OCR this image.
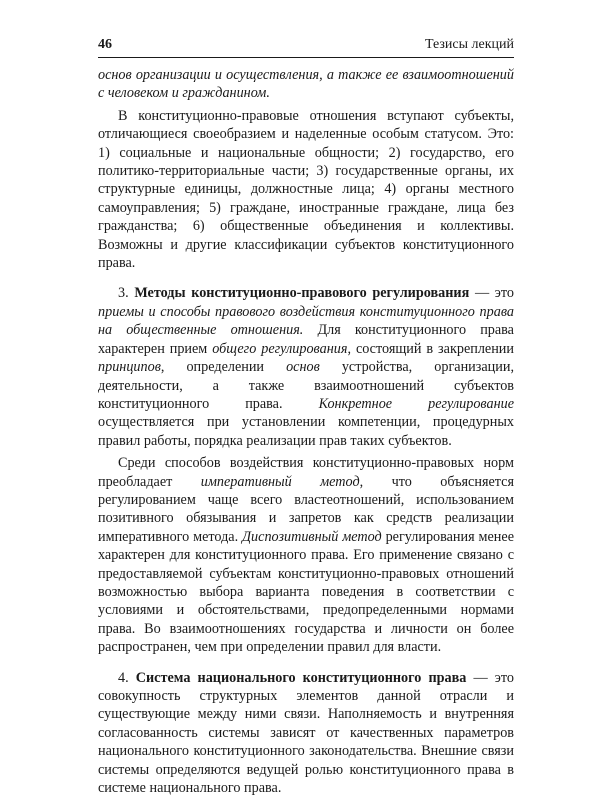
46	Тезисы лекций

основ организации и осуществления, а также ее взаимоотношений с человеком и гражданином.

В конституционно-правовые отношения вступают субъекты, отличающиеся своеобразием и наделенные особым статусом. Это: 1) социальные и национальные общности; 2) государство, его политико-территориальные части; 3) государственные органы, их структурные единицы, должностные лица; 4) органы местного самоуправления; 5) граждане, иностранные граждане, лица без гражданства; 6) общественные объединения и коллективы. Возможны и другие классификации субъектов конституционного права.

3. Методы конституционно-правового регулирования — это приемы и способы правового воздействия конституционного права на общественные отношения. Для конституционного права характерен прием общего регулирования, состоящий в закреплении принципов, определении основ устройства, организации, деятельности, а также взаимоотношений субъектов конституционного права. Конкретное регулирование осуществляется при установлении компетенции, процедурных правил работы, порядка реализации прав таких субъектов.

Среди способов воздействия конституционно-правовых норм преобладает императивный метод, что объясняется регулированием чаще всего властеотношений, использованием позитивного обязывания и запретов как средств реализации императивного метода. Диспозитивный метод регулирования менее характерен для конституционного права. Его применение связано с предоставляемой субъектам конституционно-правовых отношений возможностью выбора варианта поведения в соответствии с условиями и обстоятельствами, предопределенными нормами права. Во взаимоотношениях государства и личности он более распространен, чем при определении правил для власти.

4. Система национального конституционного права — это совокупность структурных элементов данной отрасли и существующие между ними связи. Наполняемость и внутренняя согласованность системы зависят от качественных параметров национального конституционного законодательства. Внешние связи системы определяются ведущей ролью конституционного права в системе национального права.
